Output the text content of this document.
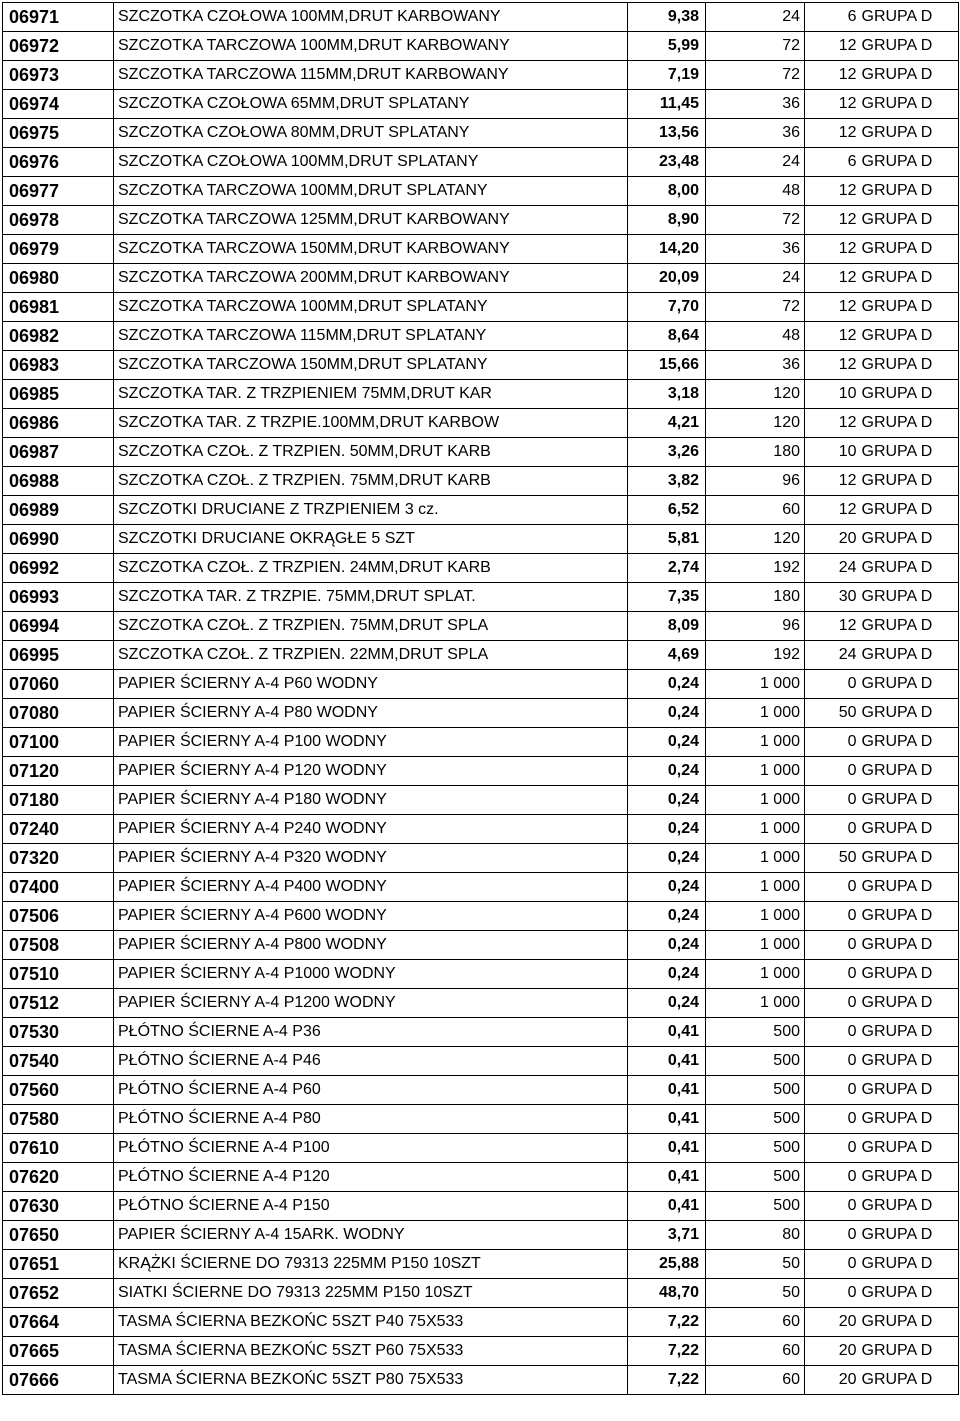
06971	SZCZOTKA CZOŁOWA 100MM,DRUT KARBOWANY	9,38	24	6	GRUPA D
06972	SZCZOTKA TARCZOWA 100MM,DRUT KARBOWANY	5,99	72	12	GRUPA D
06973	SZCZOTKA TARCZOWA 115MM,DRUT KARBOWANY	7,19	72	12	GRUPA D
06974	SZCZOTKA CZOŁOWA 65MM,DRUT SPLATANY	11,45	36	12	GRUPA D
06975	SZCZOTKA CZOŁOWA 80MM,DRUT SPLATANY	13,56	36	12	GRUPA D
06976	SZCZOTKA CZOŁOWA 100MM,DRUT SPLATANY	23,48	24	6	GRUPA D
06977	SZCZOTKA TARCZOWA 100MM,DRUT SPLATANY	8,00	48	12	GRUPA D
06978	SZCZOTKA TARCZOWA 125MM,DRUT KARBOWANY	8,90	72	12	GRUPA D
06979	SZCZOTKA TARCZOWA 150MM,DRUT KARBOWANY	14,20	36	12	GRUPA D
06980	SZCZOTKA TARCZOWA 200MM,DRUT KARBOWANY	20,09	24	12	GRUPA D
06981	SZCZOTKA TARCZOWA 100MM,DRUT SPLATANY	7,70	72	12	GRUPA D
06982	SZCZOTKA TARCZOWA 115MM,DRUT SPLATANY	8,64	48	12	GRUPA D
06983	SZCZOTKA TARCZOWA 150MM,DRUT SPLATANY	15,66	36	12	GRUPA D
06985	SZCZOTKA TAR. Z TRZPIENIEM 75MM,DRUT KAR	3,18	120	10	GRUPA D
06986	SZCZOTKA TAR. Z TRZPIE.100MM,DRUT KARBOW	4,21	120	12	GRUPA D
06987	SZCZOTKA CZOŁ. Z TRZPIEN. 50MM,DRUT KARB	3,26	180	10	GRUPA D
06988	SZCZOTKA CZOŁ. Z TRZPIEN. 75MM,DRUT KARB	3,82	96	12	GRUPA D
06989	SZCZOTKI DRUCIANE Z TRZPIENIEM 3 cz.	6,52	60	12	GRUPA D
06990	SZCZOTKI DRUCIANE OKRĄGŁE 5 SZT	5,81	120	20	GRUPA D
06992	SZCZOTKA CZOŁ. Z TRZPIEN. 24MM,DRUT KARB	2,74	192	24	GRUPA D
06993	SZCZOTKA TAR. Z TRZPIE. 75MM,DRUT SPLAT.	7,35	180	30	GRUPA D
06994	SZCZOTKA CZOŁ. Z TRZPIEN. 75MM,DRUT SPLA	8,09	96	12	GRUPA D
06995	SZCZOTKA CZOŁ. Z TRZPIEN. 22MM,DRUT SPLA	4,69	192	24	GRUPA D
07060	PAPIER ŚCIERNY A-4 P60 WODNY	0,24	1 000	0	GRUPA D
07080	PAPIER ŚCIERNY A-4 P80 WODNY	0,24	1 000	50	GRUPA D
07100	PAPIER ŚCIERNY A-4 P100 WODNY	0,24	1 000	0	GRUPA D
07120	PAPIER ŚCIERNY A-4 P120 WODNY	0,24	1 000	0	GRUPA D
07180	PAPIER ŚCIERNY A-4 P180 WODNY	0,24	1 000	0	GRUPA D
07240	PAPIER ŚCIERNY A-4 P240 WODNY	0,24	1 000	0	GRUPA D
07320	PAPIER ŚCIERNY A-4 P320 WODNY	0,24	1 000	50	GRUPA D
07400	PAPIER ŚCIERNY A-4 P400 WODNY	0,24	1 000	0	GRUPA D
07506	PAPIER ŚCIERNY A-4 P600 WODNY	0,24	1 000	0	GRUPA D
07508	PAPIER ŚCIERNY A-4 P800 WODNY	0,24	1 000	0	GRUPA D
07510	PAPIER ŚCIERNY A-4 P1000 WODNY	0,24	1 000	0	GRUPA D
07512	PAPIER ŚCIERNY A-4 P1200 WODNY	0,24	1 000	0	GRUPA D
07530	PŁÓTNO ŚCIERNE A-4 P36	0,41	500	0	GRUPA D
07540	PŁÓTNO ŚCIERNE A-4 P46	0,41	500	0	GRUPA D
07560	PŁÓTNO ŚCIERNE A-4 P60	0,41	500	0	GRUPA D
07580	PŁÓTNO ŚCIERNE A-4 P80	0,41	500	0	GRUPA D
07610	PŁÓTNO ŚCIERNE A-4 P100	0,41	500	0	GRUPA D
07620	PŁÓTNO ŚCIERNE A-4 P120	0,41	500	0	GRUPA D
07630	PŁÓTNO ŚCIERNE A-4 P150	0,41	500	0	GRUPA D
07650	PAPIER ŚCIERNY A-4 15ARK. WODNY	3,71	80	0	GRUPA D
07651	KRĄŻKI ŚCIERNE DO 79313 225MM P150 10SZT	25,88	50	0	GRUPA D
07652	SIATKI ŚCIERNE DO 79313 225MM P150 10SZT	48,70	50	0	GRUPA D
07664	TASMA ŚCIERNA BEZKOŃC 5SZT P40 75X533	7,22	60	20	GRUPA D
07665	TASMA ŚCIERNA BEZKOŃC 5SZT P60 75X533	7,22	60	20	GRUPA D
07666	TASMA ŚCIERNA BEZKOŃC 5SZT P80 75X533	7,22	60	20	GRUPA D
